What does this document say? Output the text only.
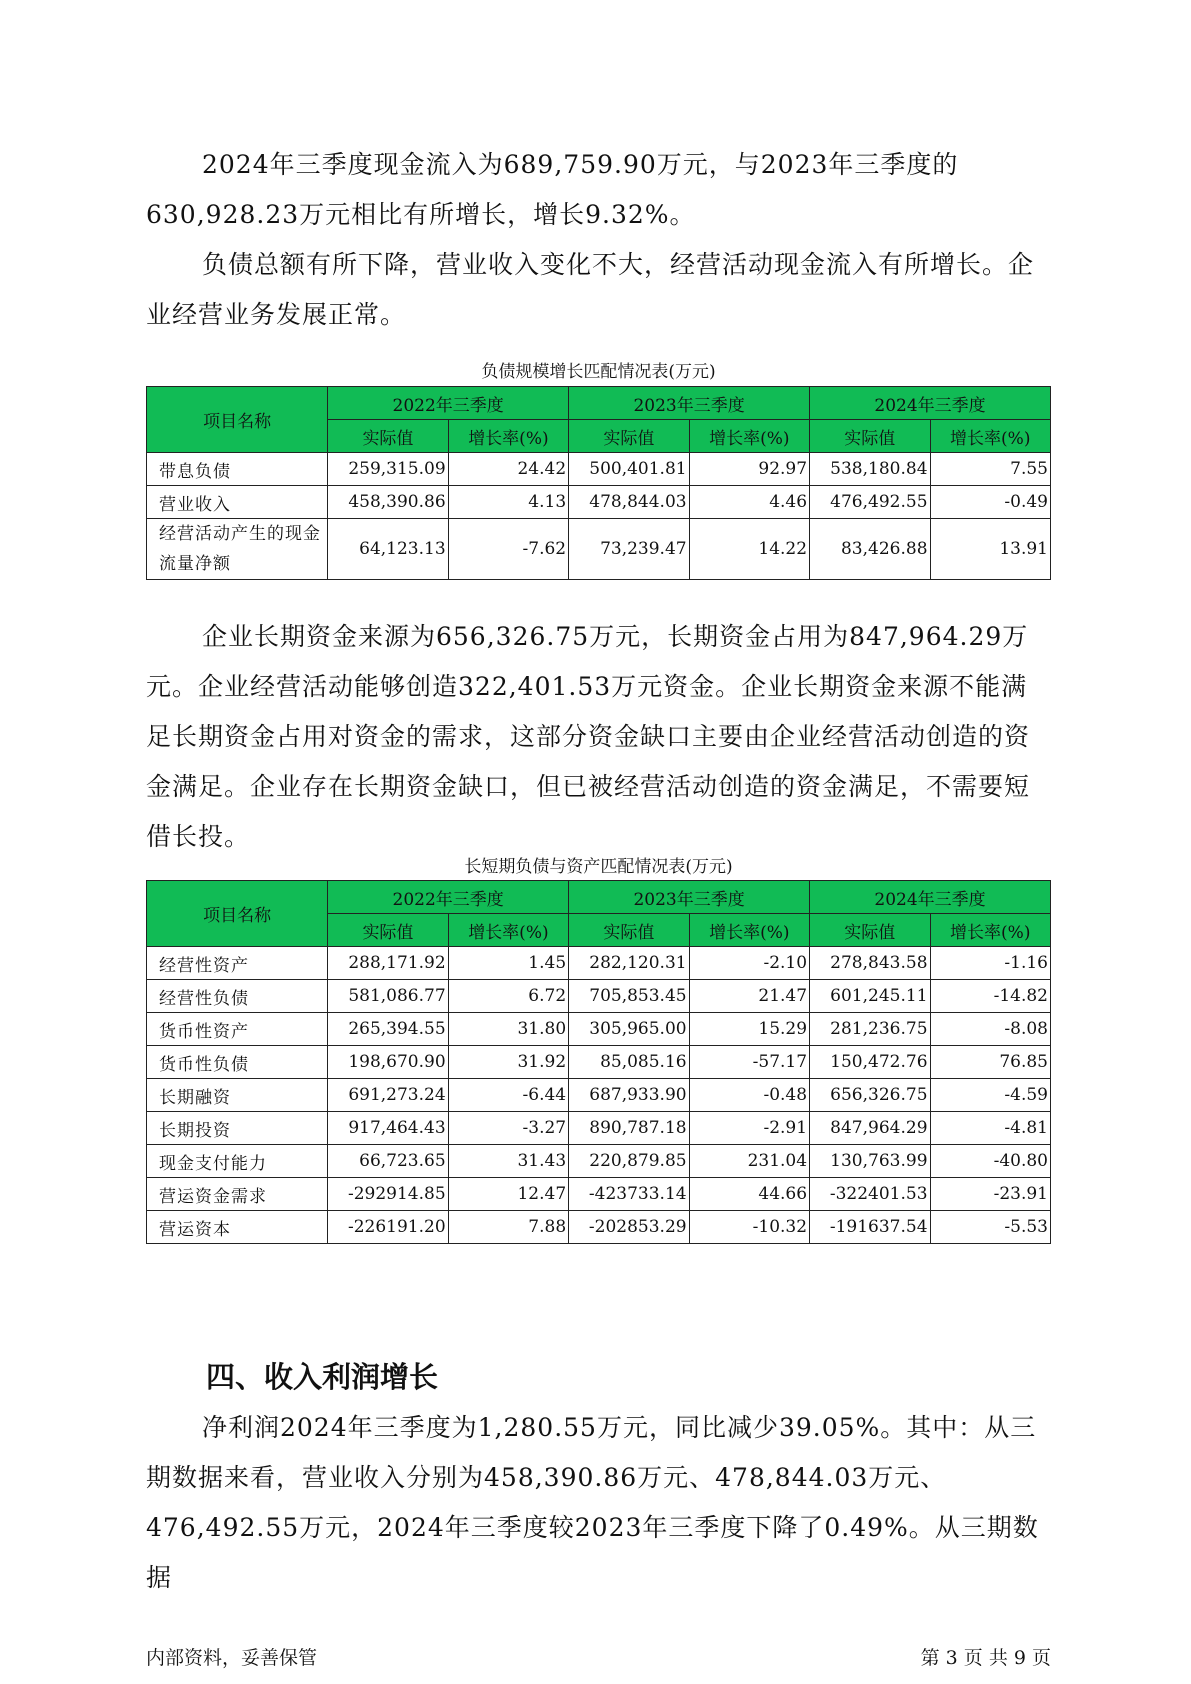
2024年三季度现金流入为689,759.90万元，与2023年三季度的630,928.23万元相比有所增长，增长9.32%。

负债总额有所下降，营业收入变化不大，经营活动现金流入有所增长。企业经营业务发展正常。

负债规模增长匹配情况表(万元)
项目名称	2022年三季度		2023年三季度		2024年三季度	
	实际值	增长率(%)	实际值	增长率(%)	实际值	增长率(%)
带息负债	259,315.09	24.42	500,401.81	92.97	538,180.84	7.55
营业收入	458,390.86	4.13	478,844.03	4.46	476,492.55	-0.49
经营活动产生的现金流量净额	64,123.13	-7.62	73,239.47	14.22	83,426.88	13.91

企业长期资金来源为656,326.75万元，长期资金占用为847,964.29万元。企业经营活动能够创造322,401.53万元资金。企业长期资金来源不能满足长期资金占用对资金的需求，这部分资金缺口主要由企业经营活动创造的资金满足。企业存在长期资金缺口，但已被经营活动创造的资金满足，不需要短借长投。

长短期负债与资产匹配情况表(万元)
项目名称	2022年三季度		2023年三季度		2024年三季度	
	实际值	增长率(%)	实际值	增长率(%)	实际值	增长率(%)
经营性资产	288,171.92	1.45	282,120.31	-2.10	278,843.58	-1.16
经营性负债	581,086.77	6.72	705,853.45	21.47	601,245.11	-14.82
货币性资产	265,394.55	31.80	305,965.00	15.29	281,236.75	-8.08
货币性负债	198,670.90	31.92	85,085.16	-57.17	150,472.76	76.85
长期融资	691,273.24	-6.44	687,933.90	-0.48	656,326.75	-4.59
长期投资	917,464.43	-3.27	890,787.18	-2.91	847,964.29	-4.81
现金支付能力	66,723.65	31.43	220,879.85	231.04	130,763.99	-40.80
营运资金需求	-292914.85	12.47	-423733.14	44.66	-322401.53	-23.91
营运资本	-226191.20	7.88	-202853.29	-10.32	-191637.54	-5.53
四、收入利润增长

净利润2024年三季度为1,280.55万元，同比减少39.05%。其中：从三期数据来看，营业收入分别为458,390.86万元、478,844.03万元、476,492.55万元，2024年三季度较2023年三季度下降了0.49%。从三期数据

内部资料，妥善保管	第 3 页 共 9 页
